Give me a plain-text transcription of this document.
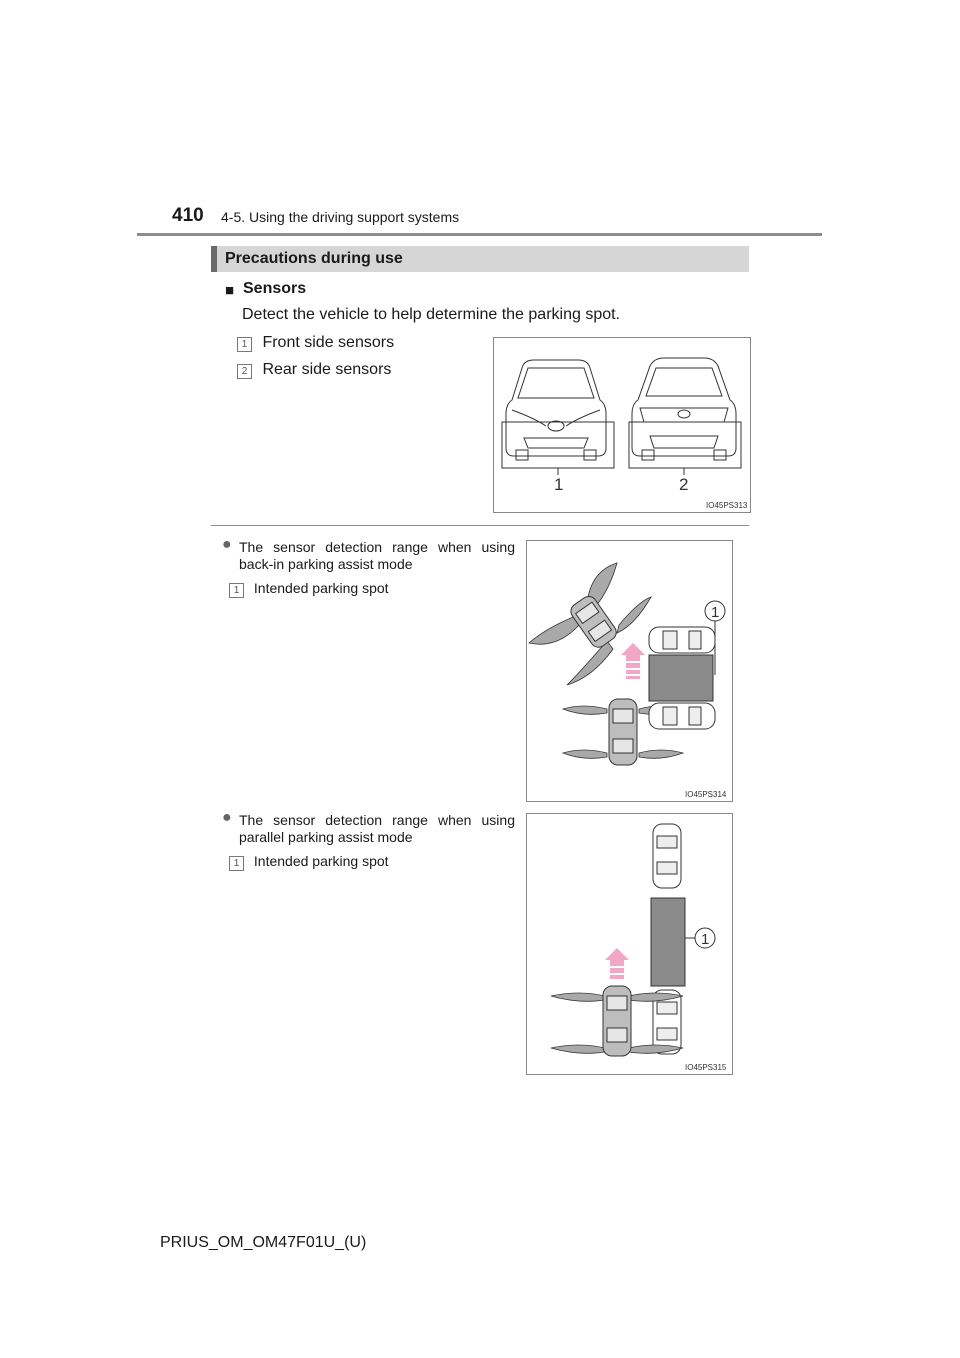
410 4-5. Using the driving support systems
Precautions during use
■ Sensors
Detect the vehicle to help determine the parking spot.
1 Front side sensors
2 Rear side sensors
1	2
IO45PS313
● The sensor detection range when using back-in parking assist mode
1 Intended parking spot
1
IO45PS314
● The sensor detection range when using parallel parking assist mode
1 Intended parking spot
1
IO45PS315
PRIUS_OM_OM47F01U_(U)
